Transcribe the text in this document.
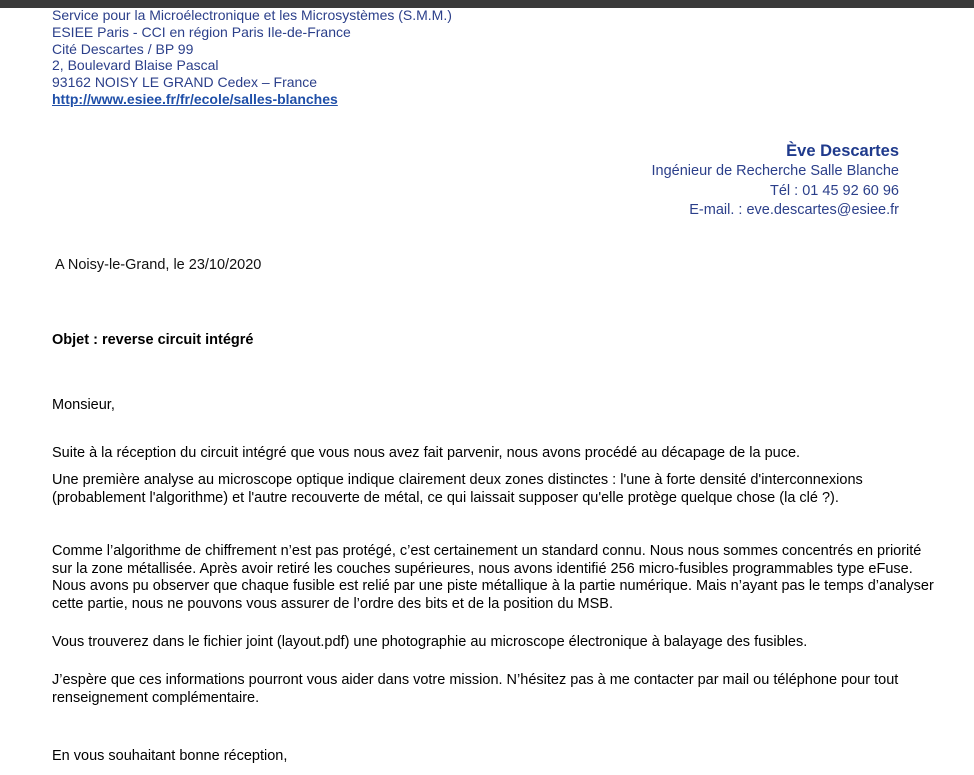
Service pour la Microélectronique et les Microsystèmes (S.M.M.)
ESIEE Paris - CCI en région Paris Ile-de-France
Cité Descartes / BP 99
2, Boulevard Blaise Pascal
93162 NOISY LE GRAND Cedex – France
http://www.esiee.fr/fr/ecole/salles-blanches
Ève Descartes
Ingénieur de Recherche Salle Blanche
Tél : 01 45 92 60 96
E-mail. : eve.descartes@esiee.fr
A Noisy-le-Grand, le 23/10/2020
Objet : reverse circuit intégré
Monsieur,
Suite à la réception du circuit intégré que vous nous avez fait parvenir, nous avons procédé au décapage de la puce.
Une première analyse au microscope optique indique clairement deux zones distinctes : l'une à forte densité d'interconnexions
(probablement l'algorithme) et l'autre recouverte de métal, ce qui laissait supposer qu'elle protège quelque chose (la clé ?).
Comme l’algorithme de chiffrement n’est pas protégé, c’est certainement un standard connu. Nous nous sommes concentrés en priorité
sur la zone métallisée. Après avoir retiré les couches supérieures, nous avons identifié 256 micro-fusibles programmables type eFuse.
Nous avons pu observer que chaque fusible est relié par une piste métallique à la partie numérique. Mais n’ayant pas le temps d’analyser
cette partie, nous ne pouvons vous assurer de l’ordre des bits et de la position du MSB.
Vous trouverez dans le fichier joint (layout.pdf) une photographie au microscope électronique à balayage des fusibles.
J’espère que ces informations pourront vous aider dans votre mission. N’hésitez pas à me contacter par mail ou téléphone pour tout
renseignement complémentaire.
En vous souhaitant bonne réception,
